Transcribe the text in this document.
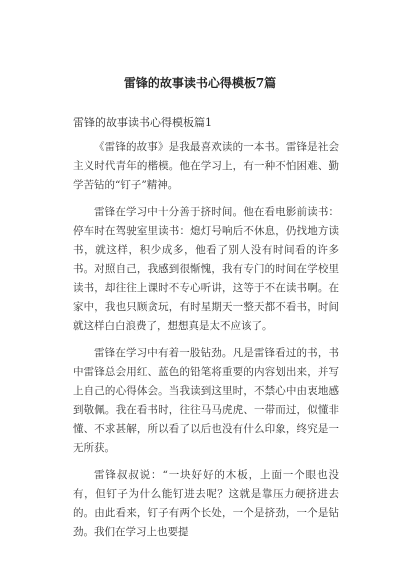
雷锋的故事读书心得模板7篇

雷锋的故事读书心得模板篇1

《雷锋的故事》是我最喜欢读的一本书。雷锋是社会主义时代青年的楷模。他在学习上，有一种不怕困难、勤学苦钻的“钉子”精神。

雷锋在学习中十分善于挤时间。他在看电影前读书：停车时在驾驶室里读书：熄灯号响后不休息，仍找地方读书，就这样，积少成多，他看了别人没有时间看的许多书。对照自己，我感到很惭愧，我有专门的时间在学校里读书，却往往上课时不专心听讲，这等于不在读书啊。在家中，我也只顾贪玩，有时星期天一整天都不看书，时间就这样白白浪费了，想想真是太不应该了。

雷锋在学习中有着一股钻劲。凡是雷锋看过的书，书中雷锋总会用红、蓝色的铅笔将重要的内容划出来，并写上自己的心得体会。当我读到这里时，不禁心中由衷地感到敬佩。我在看书时，往往马马虎虎、一带而过，似懂非懂、不求甚解，所以看了以后也没有什么印象，终究是一无所获。

雷锋叔叔说：“一块好好的木板，上面一个眼也没有，但钉子为什么能钉进去呢？这就是靠压力硬挤进去的。由此看来，钉子有两个长处，一个是挤劲，一个是钻劲。我们在学习上也要提
